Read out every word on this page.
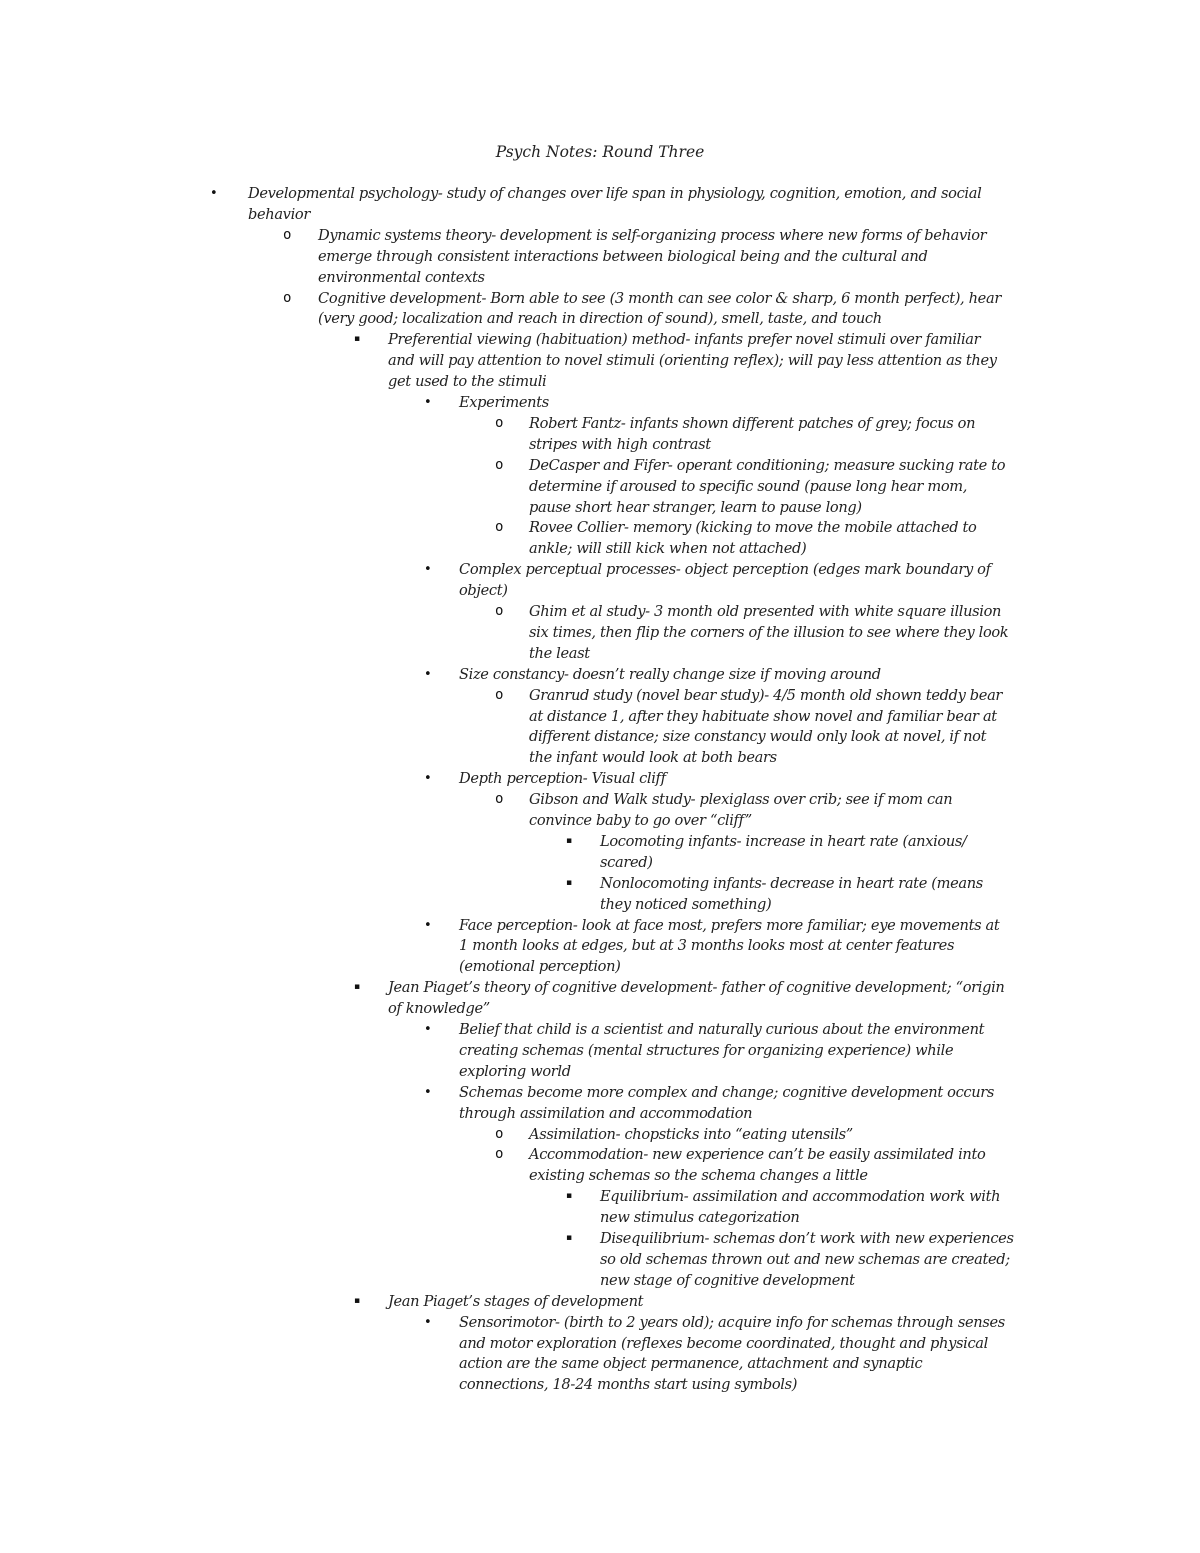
Psych Notes: Round Three
• Developmental psychology- study of changes over life span in physiology, cognition, emotion, and social
behavior
o Dynamic systems theory- development is self-organizing process where new forms of behavior
emerge through consistent interactions between biological being and the cultural and
environmental contexts
o Cognitive development- Born able to see (3 month can see color & sharp, 6 month perfect), hear
(very good; localization and reach in direction of sound), smell, taste, and touch
▪ Preferential viewing (habituation) method- infants prefer novel stimuli over familiar
and will pay attention to novel stimuli (orienting reflex); will pay less attention as they
get used to the stimuli
• Experiments
o Robert Fantz- infants shown different patches of grey; focus on
stripes with high contrast
o DeCasper and Fifer- operant conditioning; measure sucking rate to
determine if aroused to specific sound (pause long hear mom,
pause short hear stranger, learn to pause long)
o Rovee Collier- memory (kicking to move the mobile attached to
ankle; will still kick when not attached)
• Complex perceptual processes- object perception (edges mark boundary of
object)
o Ghim et al study- 3 month old presented with white square illusion
six times, then flip the corners of the illusion to see where they look
the least
• Size constancy- doesn’t really change size if moving around
o Granrud study (novel bear study)- 4/5 month old shown teddy bear
at distance 1, after they habituate show novel and familiar bear at
different distance; size constancy would only look at novel, if not
the infant would look at both bears
• Depth perception- Visual cliff
o Gibson and Walk study- plexiglass over crib; see if mom can
convince baby to go over “cliff”
▪ Locomoting infants- increase in heart rate (anxious/
scared)
▪ Nonlocomoting infants- decrease in heart rate (means
they noticed something)
• Face perception- look at face most, prefers more familiar; eye movements at
1 month looks at edges, but at 3 months looks most at center features
(emotional perception)
▪ Jean Piaget’s theory of cognitive development- father of cognitive development; “origin
of knowledge”
• Belief that child is a scientist and naturally curious about the environment
creating schemas (mental structures for organizing experience) while
exploring world
• Schemas become more complex and change; cognitive development occurs
through assimilation and accommodation
o Assimilation- chopsticks into “eating utensils”
o Accommodation- new experience can’t be easily assimilated into
existing schemas so the schema changes a little
▪ Equilibrium- assimilation and accommodation work with
new stimulus categorization
▪ Disequilibrium- schemas don’t work with new experiences
so old schemas thrown out and new schemas are created;
new stage of cognitive development
▪ Jean Piaget’s stages of development
• Sensorimotor- (birth to 2 years old); acquire info for schemas through senses
and motor exploration (reflexes become coordinated, thought and physical
action are the same object permanence, attachment and synaptic
connections, 18-24 months start using symbols)
